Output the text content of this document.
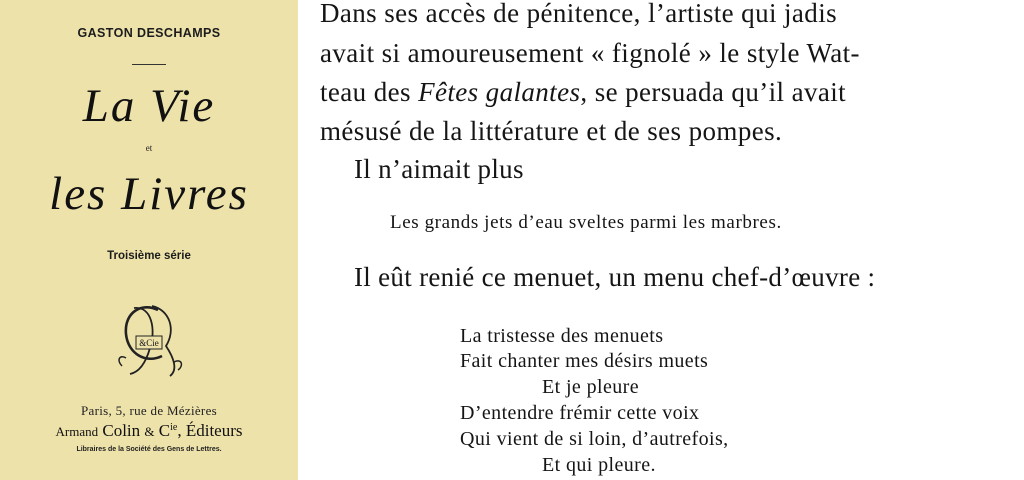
GASTON DESCHAMPS
La Vie
et
les Livres
Troisième série
&Cie
Paris, 5, rue de Mézières
Armand Colin & $C^{ie}$, Éditeurs
Libraires de la Société des Gens de Lettres.
Dans ses accès de pénitence, l’artiste qui jadis
avait si amoureusement « fignolé » le style Wat-
teau des Fêtes galantes, se persuada qu’il avait
mésusé de la littérature et de ses pompes.
Il n’aimait plus
Les grands jets d’eau sveltes parmi les marbres.
Il eût renié ce menuet, un menu chef-d’œuvre :
La tristesse des menuets
Fait chanter mes désirs muets
Et je pleure
D’entendre frémir cette voix
Qui vient de si loin, d’autrefois,
Et qui pleure.
